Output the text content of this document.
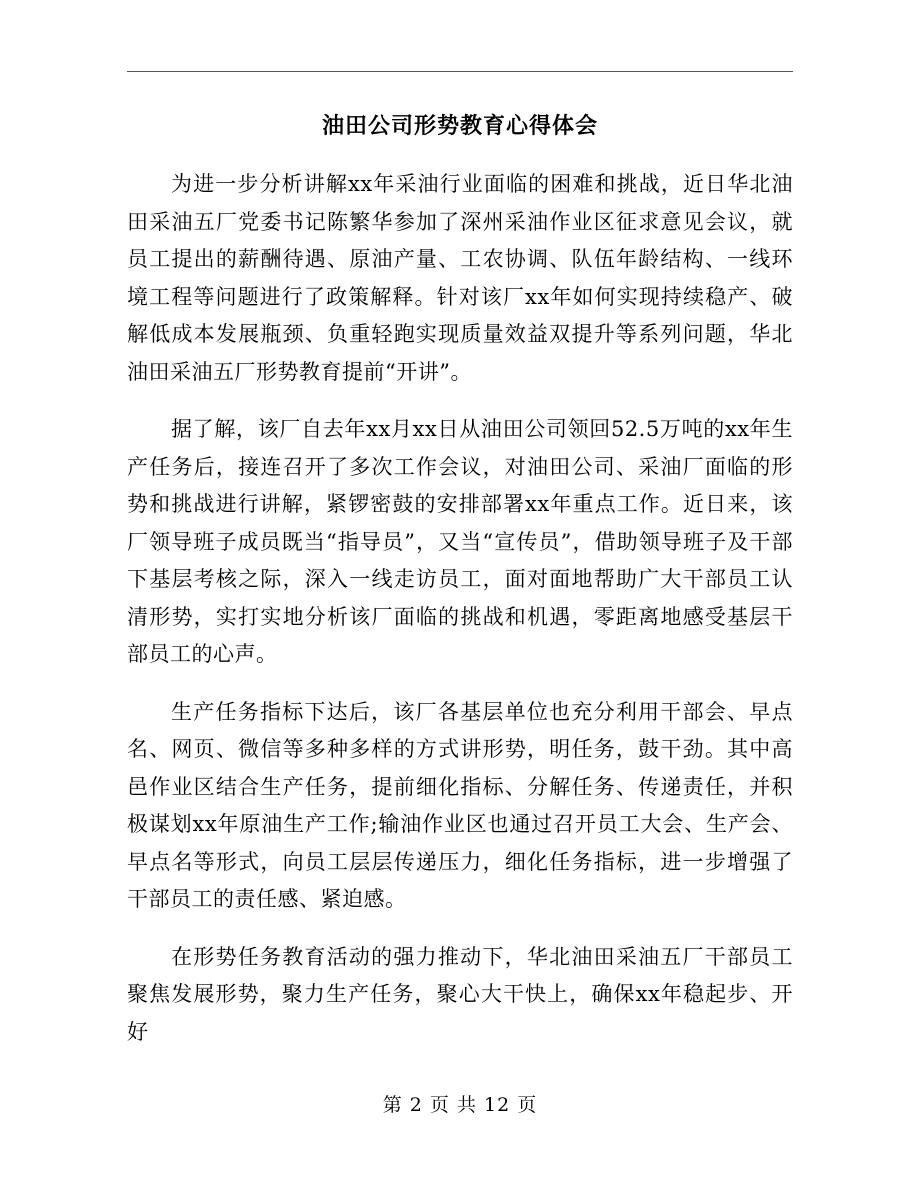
油田公司形势教育心得体会

为进一步分析讲解xx年采油行业面临的困难和挑战，近日华北油田采油五厂党委书记陈繁华参加了深州采油作业区征求意见会议，就员工提出的薪酬待遇、原油产量、工农协调、队伍年龄结构、一线环境工程等问题进行了政策解释。针对该厂xx年如何实现持续稳产、破解低成本发展瓶颈、负重轻跑实现质量效益双提升等系列问题，华北油田采油五厂形势教育提前“开讲”。

据了解，该厂自去年xx月xx日从油田公司领回52.5万吨的xx年生产任务后，接连召开了多次工作会议，对油田公司、采油厂面临的形势和挑战进行讲解，紧锣密鼓的安排部署xx年重点工作。近日来，该厂领导班子成员既当“指导员”，又当“宣传员”，借助领导班子及干部下基层考核之际，深入一线走访员工，面对面地帮助广大干部员工认清形势，实打实地分析该厂面临的挑战和机遇，零距离地感受基层干部员工的心声。

生产任务指标下达后，该厂各基层单位也充分利用干部会、早点名、网页、微信等多种多样的方式讲形势，明任务，鼓干劲。其中高邑作业区结合生产任务，提前细化指标、分解任务、传递责任，并积极谋划xx年原油生产工作;输油作业区也通过召开员工大会、生产会、早点名等形式，向员工层层传递压力，细化任务指标，进一步增强了干部员工的责任感、紧迫感。

在形势任务教育活动的强力推动下，华北油田采油五厂干部员工聚焦发展形势，聚力生产任务，聚心大干快上，确保xx年稳起步、开好

第 2 页 共 12 页
